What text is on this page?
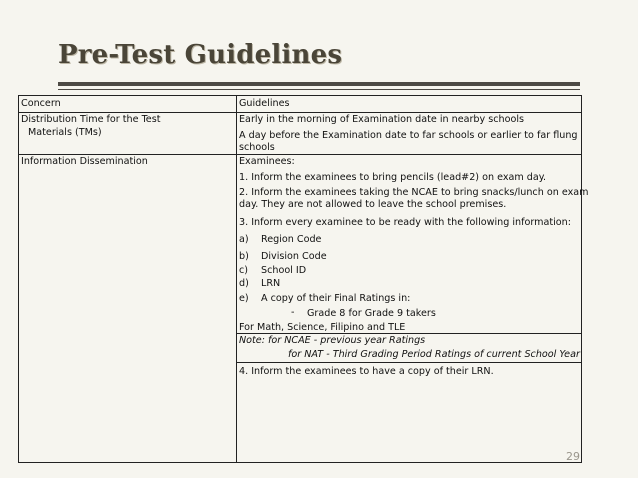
Pre-Test Guidelines
Concern	Guidelines
Distribution Time for the Test
Materials (TMs)
Early in the morning of Examination date in nearby schools
A day before the Examination date to far schools or earlier to far flung
schools
Information Dissemination	Examinees:
1. Inform the examinees to bring pencils (lead#2) on exam day.
2. Inform the examinees taking the NCAE to bring snacks/lunch on exam
day. They are not allowed to leave the school premises.
3. Inform every examinee to be ready with the following information:
a) Region Code
b) Division Code
c) School ID
d) LRN
e) A copy of their Final Ratings in:
- Grade 8 for Grade 9 takers
For Math, Science, Filipino and TLE
Note: for NCAE - previous year Ratings
for NAT - Third Grading Period Ratings of current School Year
4. Inform the examinees to have a copy of their LRN.
29
